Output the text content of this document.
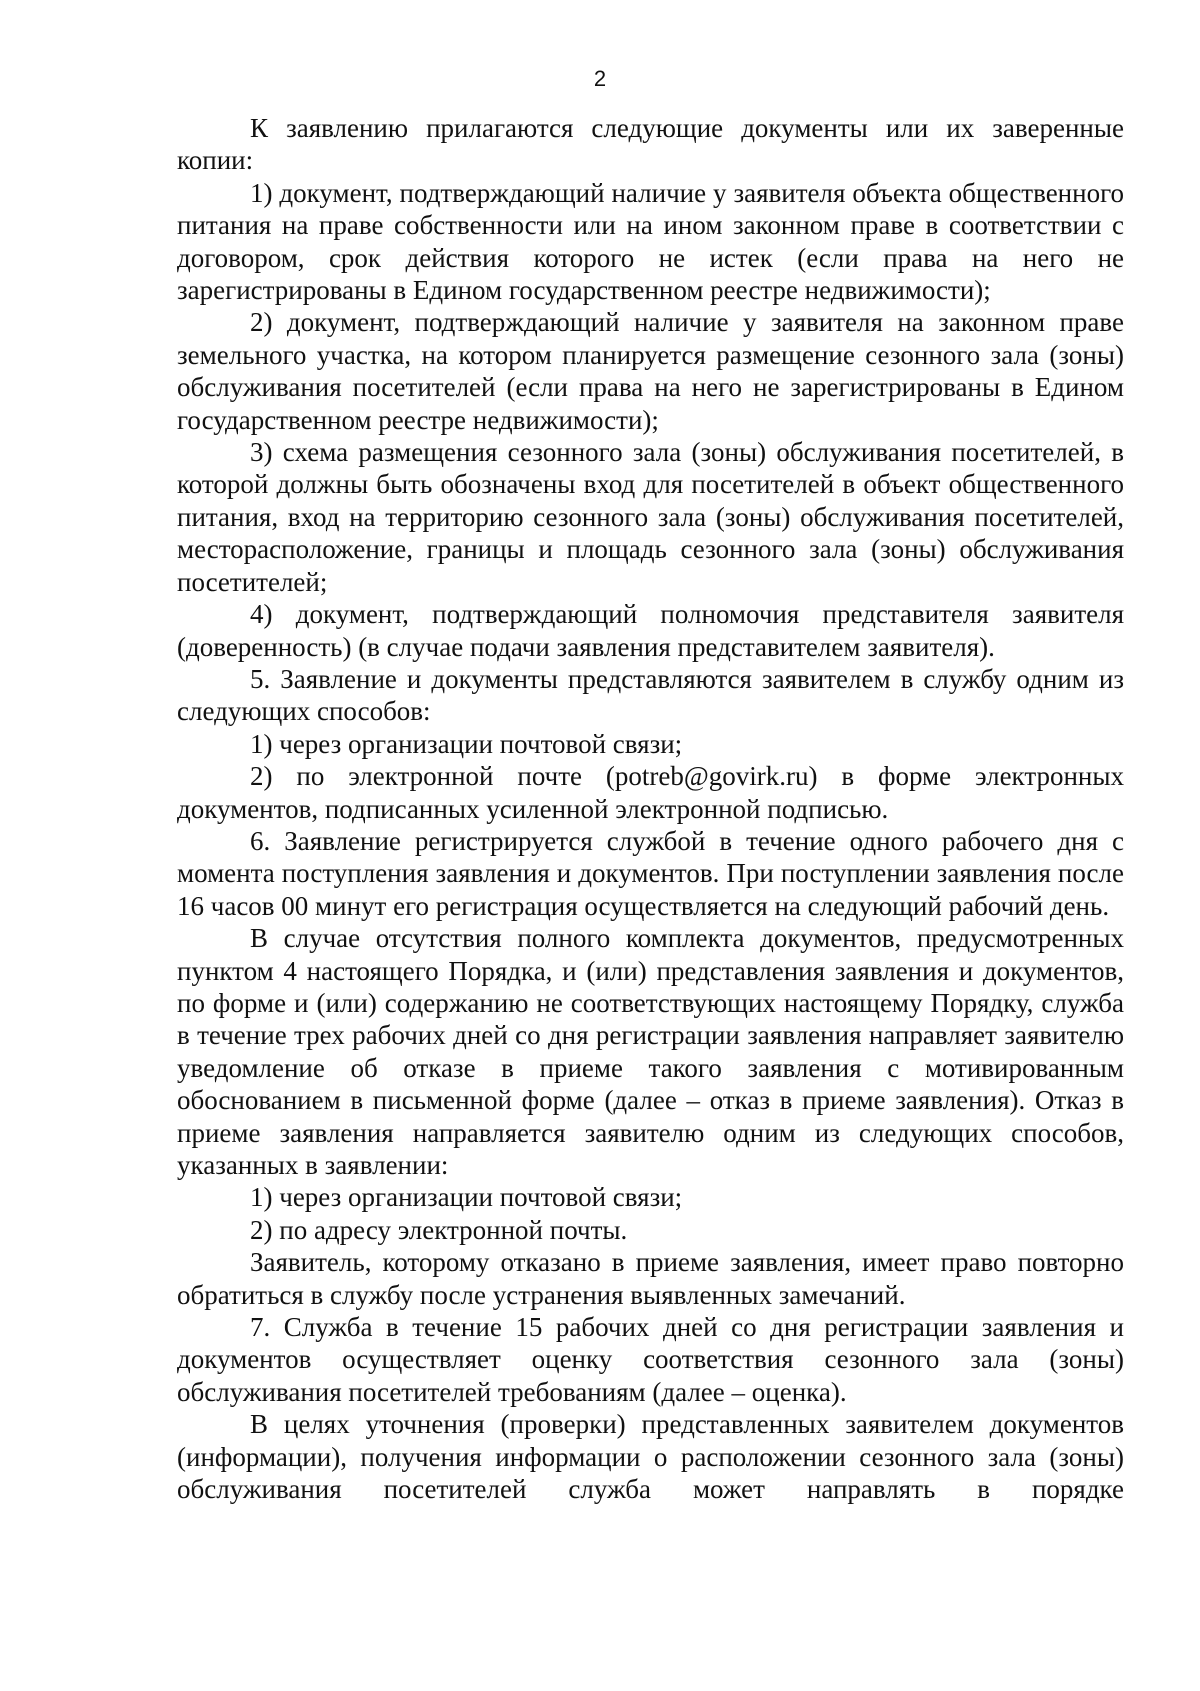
2

К заявлению прилагаются следующие документы или их заверенные копии:

1) документ, подтверждающий наличие у заявителя объекта общественного питания на праве собственности или на ином законном праве в соответствии с договором, срок действия которого не истек (если права на него не зарегистрированы в Едином государственном реестре недвижимости);

2) документ, подтверждающий наличие у заявителя на законном праве земельного участка, на котором планируется размещение сезонного зала (зоны) обслуживания посетителей (если права на него не зарегистрированы в Едином государственном реестре недвижимости);

3) схема размещения сезонного зала (зоны) обслуживания посетителей, в которой должны быть обозначены вход для посетителей в объект общественного питания, вход на территорию сезонного зала (зоны) обслуживания посетителей, месторасположение, границы и площадь сезонного зала (зоны) обслуживания посетителей;

4) документ, подтверждающий полномочия представителя заявителя (доверенность) (в случае подачи заявления представителем заявителя).

5. Заявление и документы представляются заявителем в службу одним из следующих способов:

1) через организации почтовой связи;

2) по электронной почте (potreb@govirk.ru) в форме электронных документов, подписанных усиленной электронной подписью.

6. Заявление регистрируется службой в течение одного рабочего дня с момента поступления заявления и документов. При поступлении заявления после 16 часов 00 минут его регистрация осуществляется на следующий рабочий день.

В случае отсутствия полного комплекта документов, предусмотренных пунктом 4 настоящего Порядка, и (или) представления заявления и документов, по форме и (или) содержанию не соответствующих настоящему Порядку, служба в течение трех рабочих дней со дня регистрации заявления направляет заявителю уведомление об отказе в приеме такого заявления с мотивированным обоснованием в письменной форме (далее – отказ в приеме заявления). Отказ в приеме заявления направляется заявителю одним из следующих способов, указанных в заявлении:

1) через организации почтовой связи;

2) по адресу электронной почты.

Заявитель, которому отказано в приеме заявления, имеет право повторно обратиться в службу после устранения выявленных замечаний.

7. Служба в течение 15 рабочих дней со дня регистрации заявления и документов осуществляет оценку соответствия сезонного зала (зоны) обслуживания посетителей требованиям (далее – оценка).

В целях уточнения (проверки) представленных заявителем документов (информации), получения информации о расположении сезонного зала (зоны) обслуживания посетителей служба может направлять в порядке
